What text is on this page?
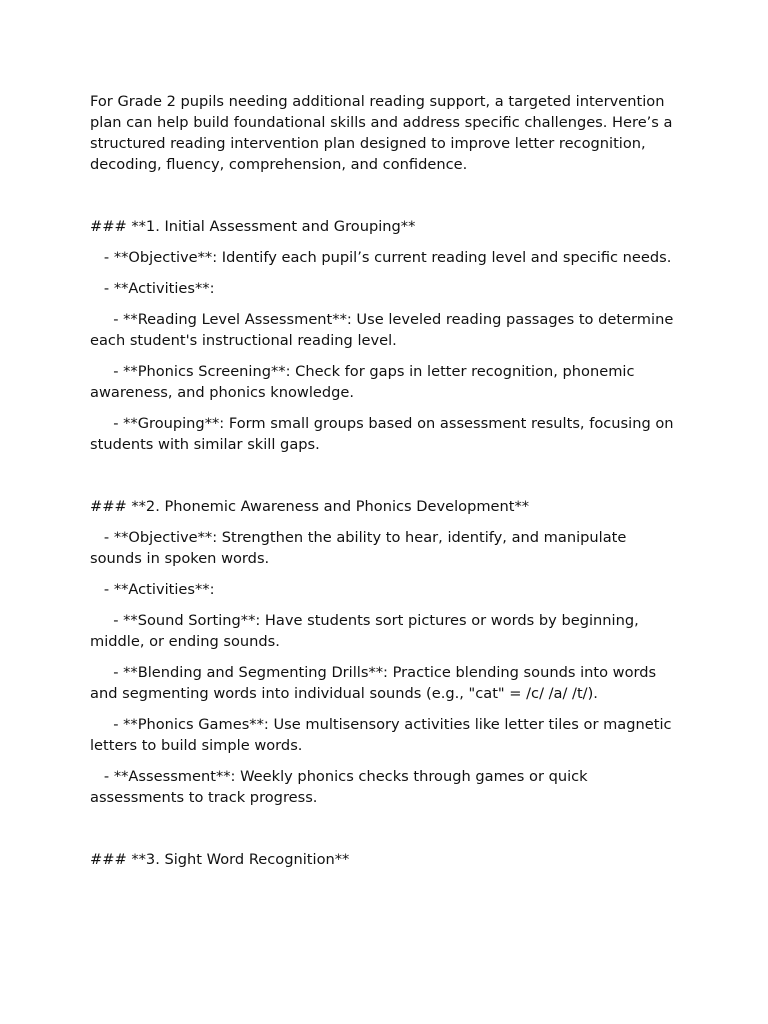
For Grade 2 pupils needing additional reading support, a targeted intervention plan can help build foundational skills and address specific challenges. Here’s a structured reading intervention plan designed to improve letter recognition, decoding, fluency, comprehension, and confidence.

### **1. Initial Assessment and Grouping**

- **Objective**: Identify each pupil’s current reading level and specific needs.

- **Activities**:

- **Reading Level Assessment**: Use leveled reading passages to determine each student's instructional reading level.

- **Phonics Screening**: Check for gaps in letter recognition, phonemic awareness, and phonics knowledge.

- **Grouping**: Form small groups based on assessment results, focusing on students with similar skill gaps.

### **2. Phonemic Awareness and Phonics Development**

- **Objective**: Strengthen the ability to hear, identify, and manipulate sounds in spoken words.

- **Activities**:

- **Sound Sorting**: Have students sort pictures or words by beginning, middle, or ending sounds.

- **Blending and Segmenting Drills**: Practice blending sounds into words and segmenting words into individual sounds (e.g., "cat" = /c/ /a/ /t/).

- **Phonics Games**: Use multisensory activities like letter tiles or magnetic letters to build simple words.

- **Assessment**: Weekly phonics checks through games or quick assessments to track progress.

### **3. Sight Word Recognition**
